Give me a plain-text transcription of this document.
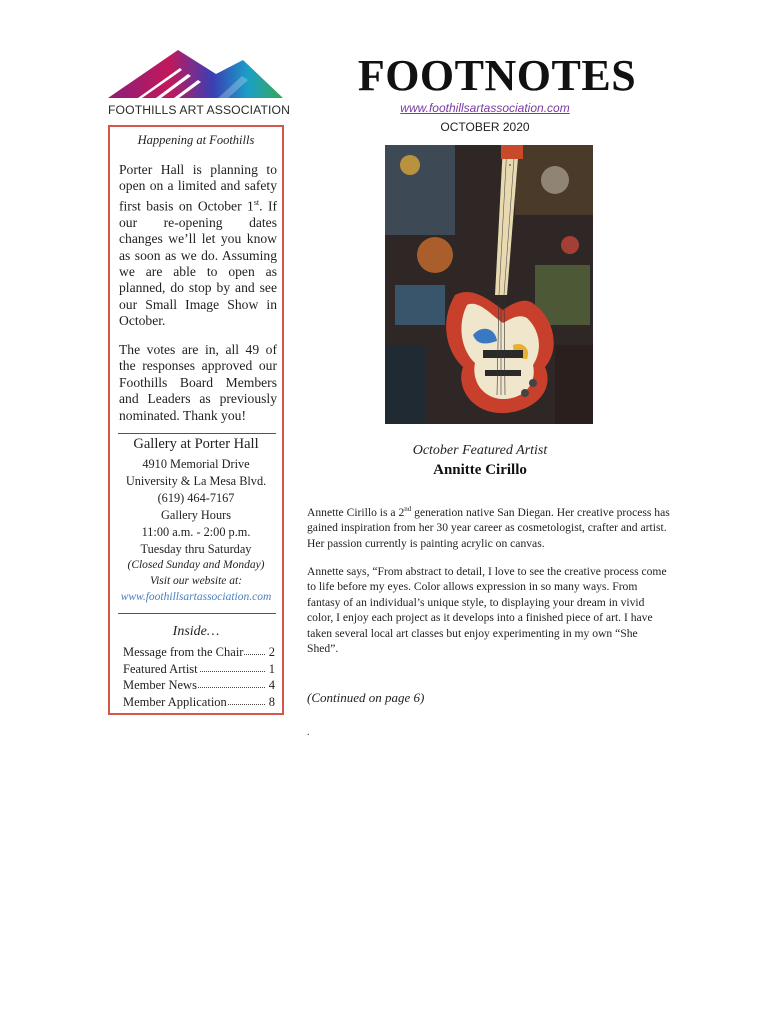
FOOTHILLS ART ASSOCIATION
FOOTNOTES
www.foothillsartassociation.com
OCTOBER 2020
Happening at Foothills

Porter Hall is planning to open on a limited and safety first basis on October 1st. If our re-opening dates changes we’ll let you know as soon as we do. Assuming we are able to open as planned, do stop by and see our Small Image Show in October.

The votes are in, all 49 of the responses approved our Foothills Board Members and Leaders as previously nominated. Thank you!

Gallery at Porter Hall
4910 Memorial Drive
University & La Mesa Blvd.
(619) 464-7167
Gallery Hours
11:00 a.m. - 2:00 p.m.
Tuesday thru Saturday
(Closed Sunday and Monday)
Visit our website at:
www.foothillsartassociation.com
Inside…
Message from the Chair 2
Featured Artist	1
Member News	4
Member Application	8
October Featured Artist
Annitte Cirillo

Annette Cirillo is a 2nd generation native San Diegan. Her creative process has gained inspiration from her 30 year career as cosmetologist, crafter and artist. Her passion currently is painting acrylic on canvas.

Annette says, “From abstract to detail, I love to see the creative process come to life before my eyes. Color allows expression in so many ways. From fantasy of an individual’s unique style, to displaying your dream in vivid color, I enjoy each project as it develops into a finished piece of art. I have taken several local art classes but enjoy experimenting in my own “She Shed”.

(Continued on page 6)
.
